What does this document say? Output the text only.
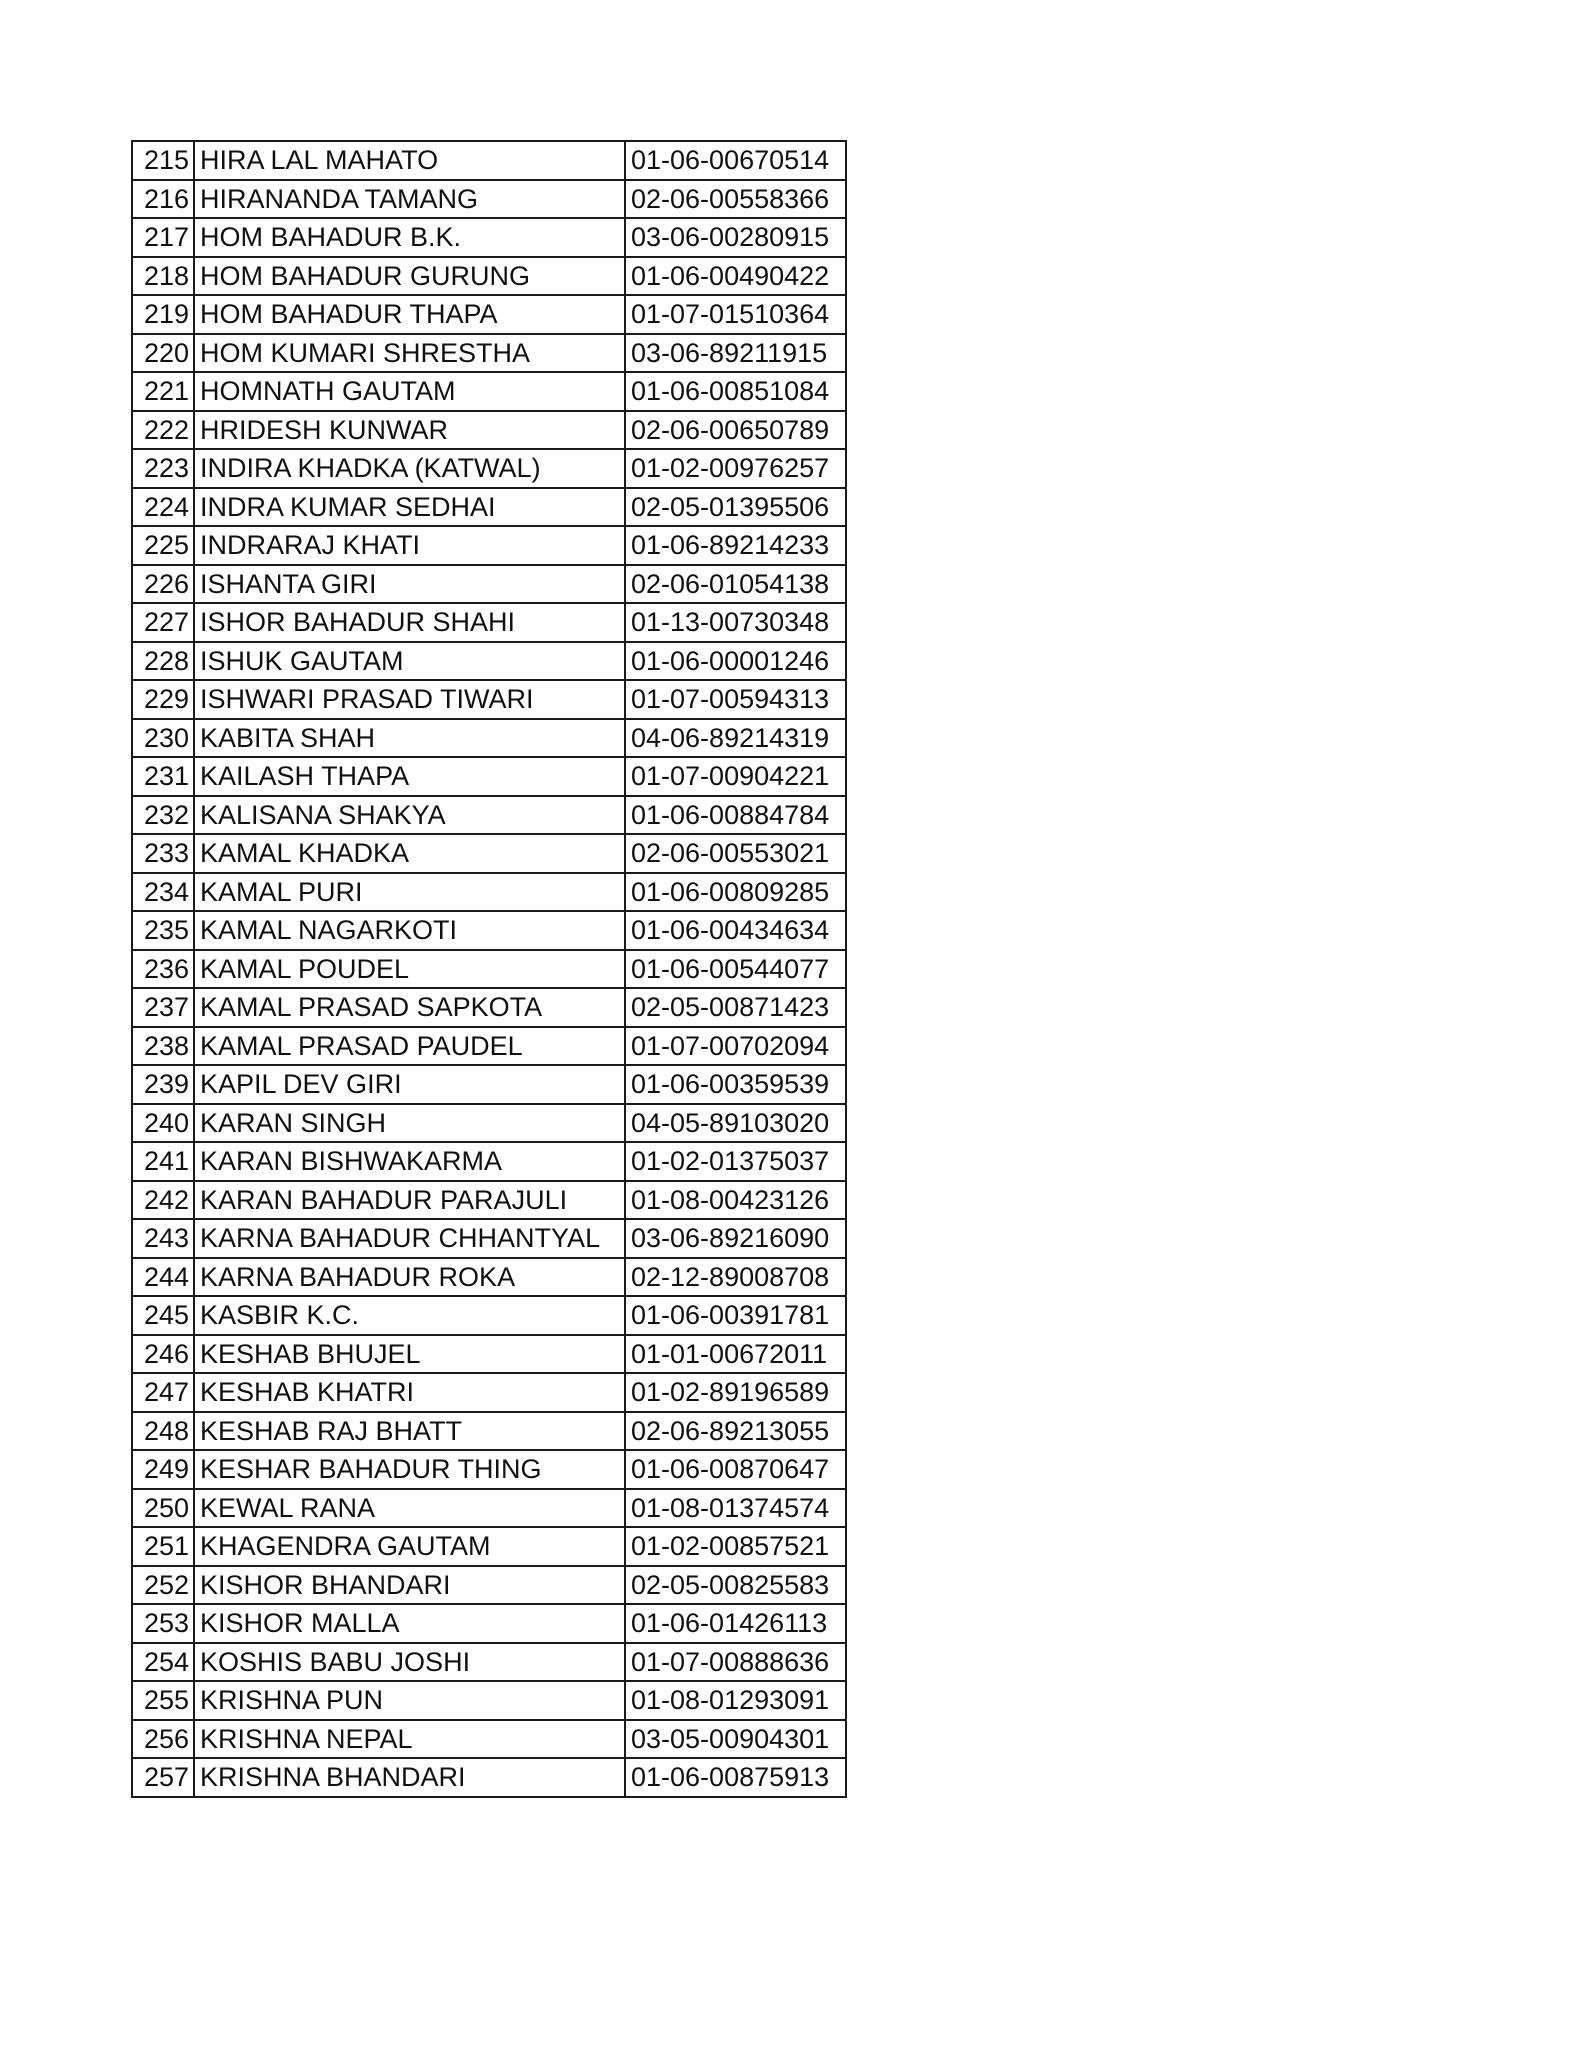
215	HIRA LAL MAHATO	01-06-00670514
216	HIRANANDA TAMANG	02-06-00558366
217	HOM BAHADUR B.K.	03-06-00280915
218	HOM BAHADUR GURUNG	01-06-00490422
219	HOM BAHADUR THAPA	01-07-01510364
220	HOM KUMARI SHRESTHA	03-06-89211915
221	HOMNATH GAUTAM	01-06-00851084
222	HRIDESH KUNWAR	02-06-00650789
223	INDIRA KHADKA (KATWAL)	01-02-00976257
224	INDRA KUMAR SEDHAI	02-05-01395506
225	INDRARAJ KHATI	01-06-89214233
226	ISHANTA GIRI	02-06-01054138
227	ISHOR BAHADUR SHAHI	01-13-00730348
228	ISHUK GAUTAM	01-06-00001246
229	ISHWARI PRASAD TIWARI	01-07-00594313
230	KABITA SHAH	04-06-89214319
231	KAILASH THAPA	01-07-00904221
232	KALISANA SHAKYA	01-06-00884784
233	KAMAL KHADKA	02-06-00553021
234	KAMAL PURI	01-06-00809285
235	KAMAL NAGARKOTI	01-06-00434634
236	KAMAL POUDEL	01-06-00544077
237	KAMAL PRASAD SAPKOTA	02-05-00871423
238	KAMAL PRASAD PAUDEL	01-07-00702094
239	KAPIL DEV GIRI	01-06-00359539
240	KARAN SINGH	04-05-89103020
241	KARAN BISHWAKARMA	01-02-01375037
242	KARAN BAHADUR PARAJULI	01-08-00423126
243	KARNA BAHADUR CHHANTYAL	03-06-89216090
244	KARNA BAHADUR ROKA	02-12-89008708
245	KASBIR K.C.	01-06-00391781
246	KESHAB BHUJEL	01-01-00672011
247	KESHAB KHATRI	01-02-89196589
248	KESHAB RAJ BHATT	02-06-89213055
249	KESHAR BAHADUR THING	01-06-00870647
250	KEWAL RANA	01-08-01374574
251	KHAGENDRA GAUTAM	01-02-00857521
252	KISHOR BHANDARI	02-05-00825583
253	KISHOR MALLA	01-06-01426113
254	KOSHIS BABU JOSHI	01-07-00888636
255	KRISHNA PUN	01-08-01293091
256	KRISHNA NEPAL	03-05-00904301
257	KRISHNA BHANDARI	01-06-00875913
